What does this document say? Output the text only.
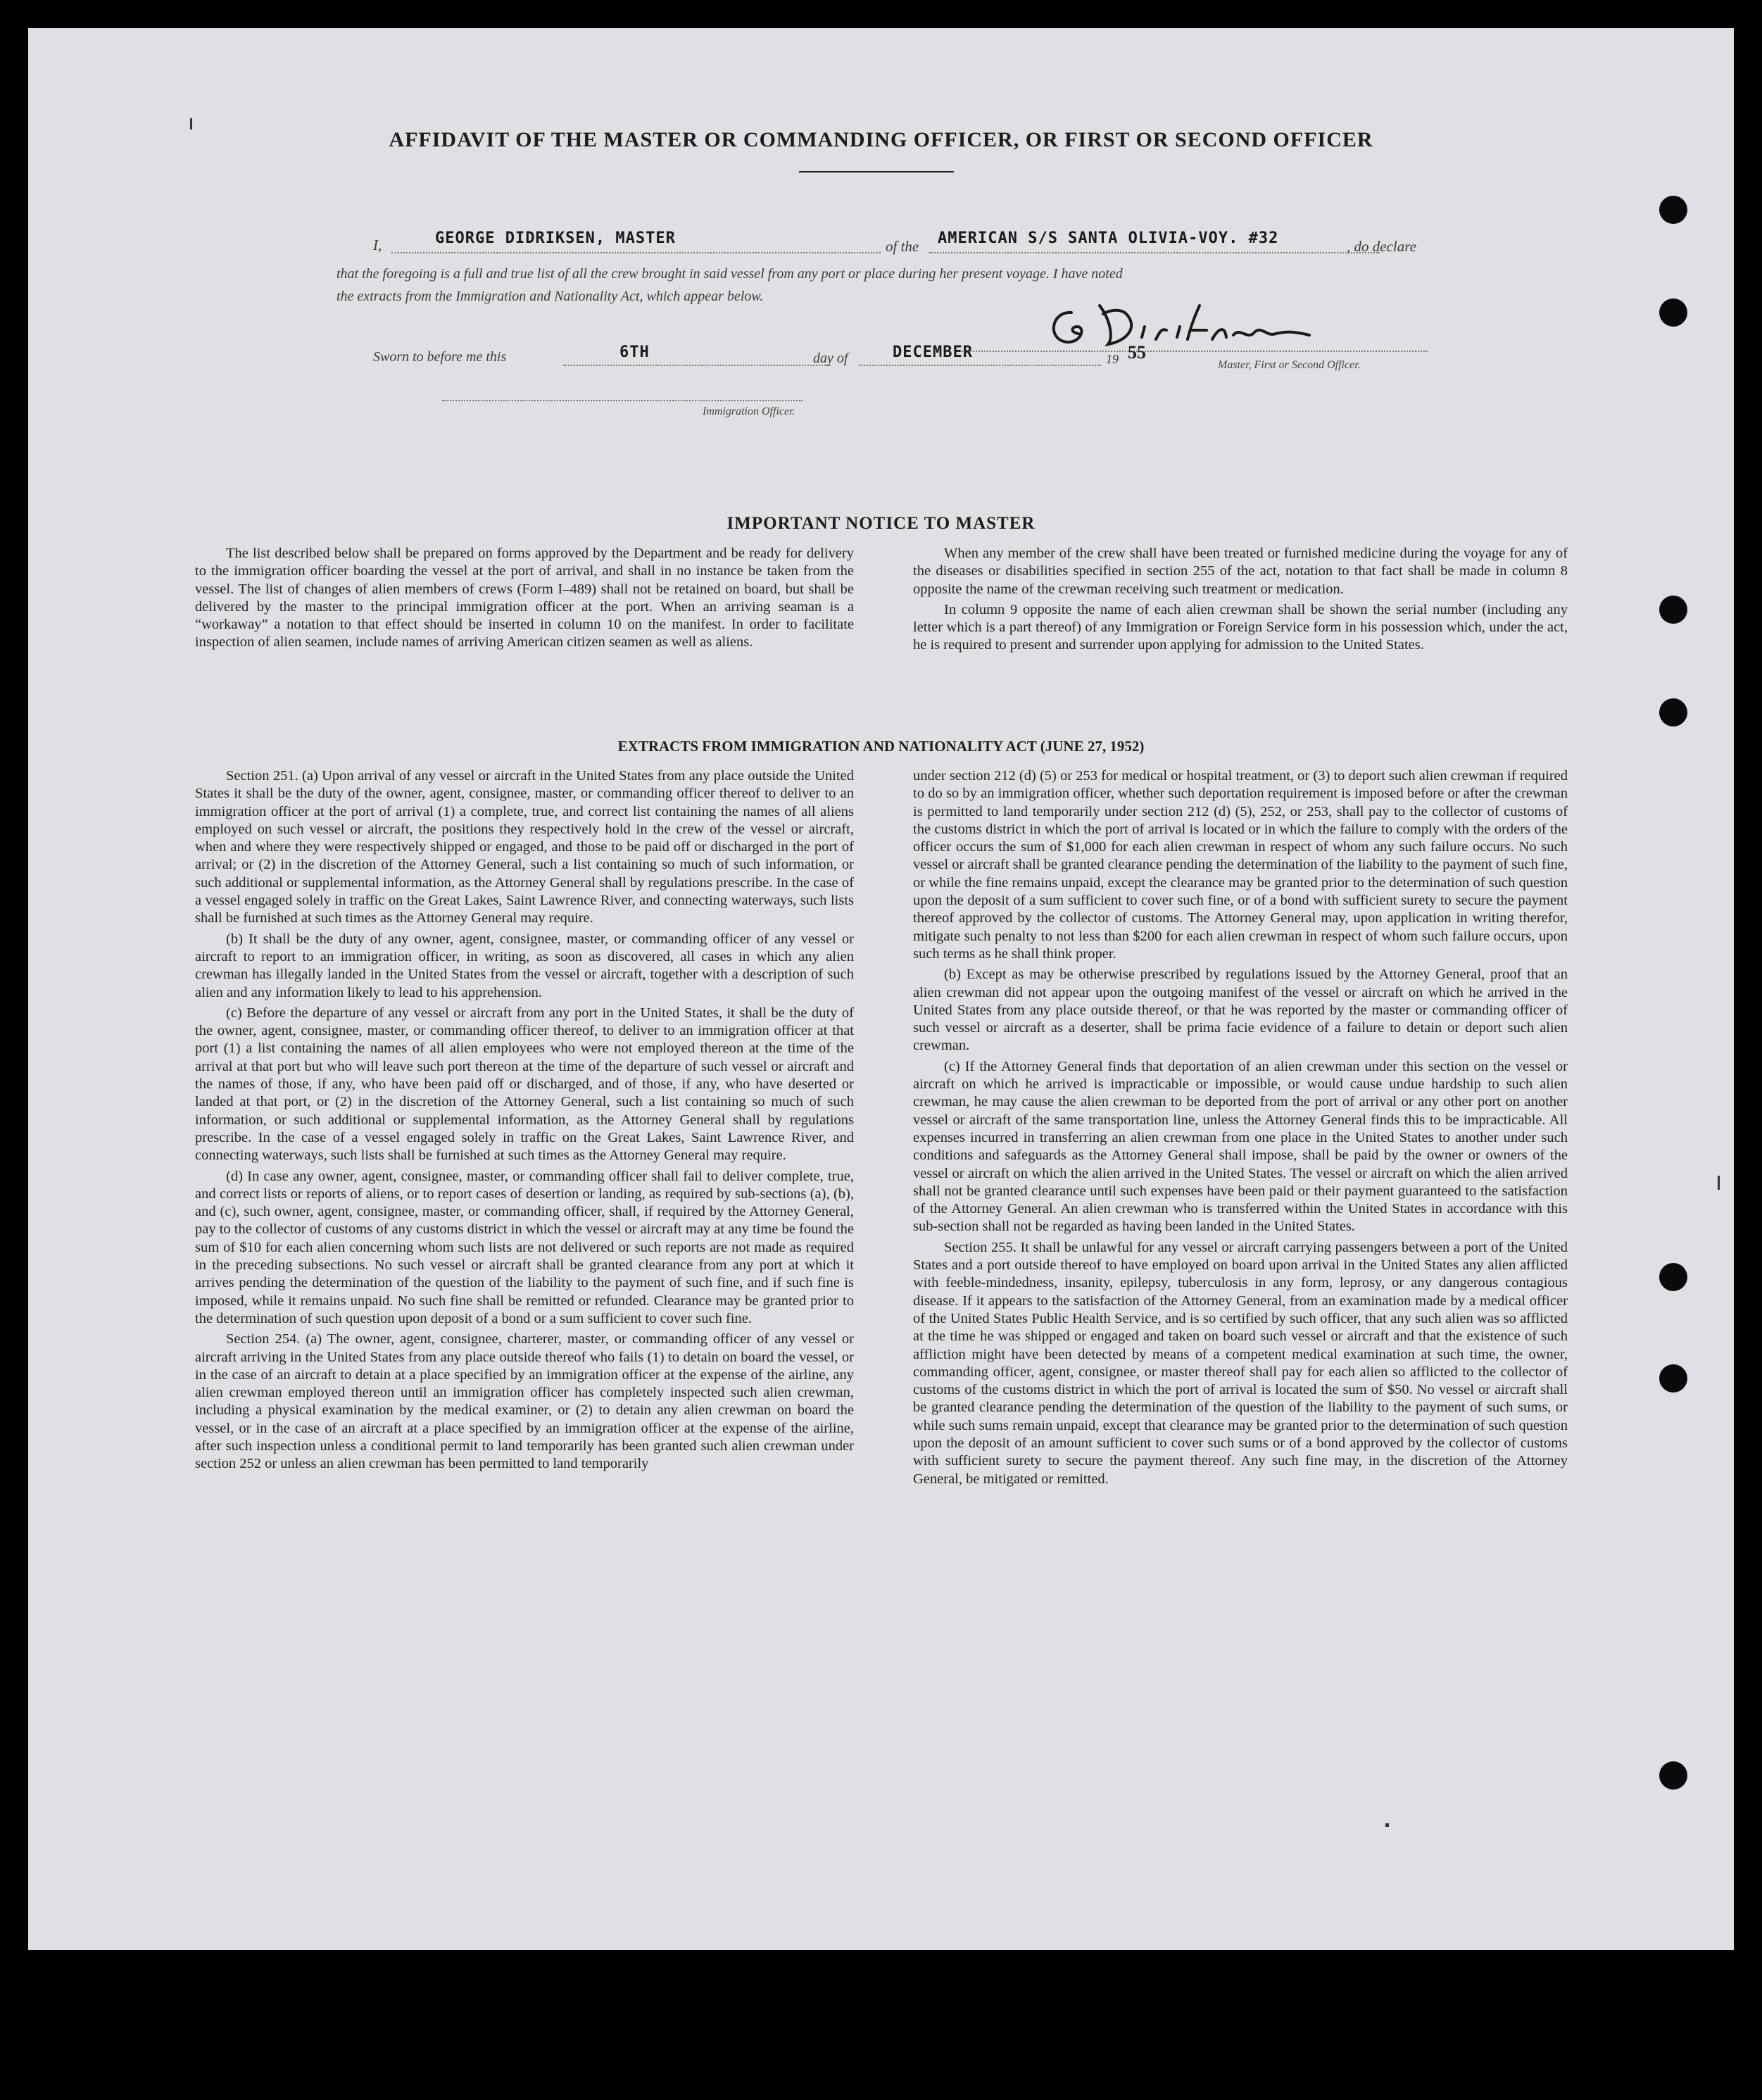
AFFIDAVIT OF THE MASTER OR COMMANDING OFFICER, OR FIRST OR SECOND OFFICER
I,	GEORGE DIDRIKSEN, MASTER	of the AMERICAN S/S SANTA OLIVIA-VOY. #32	, do declare
that the foregoing is a full and true list of all the crew brought in said vessel from any port or place during her present voyage. I have noted
the extracts from the Immigration and Nationality Act, which appear below.
Master, First or Second Officer.
Sworn to before me this	6TH	day of	DECEMBER	19 55
Immigration Officer.
IMPORTANT NOTICE TO MASTER

The list described below shall be prepared on forms approved by the Department and be ready for delivery to the immigration officer boarding the vessel at the port of arrival, and shall in no instance be taken from the vessel. The list of changes of alien members of crews (Form I–489) shall not be retained on board, but shall be delivered by the master to the principal immigration officer at the port. When an arriving seaman is a “workaway” a notation to that effect should be inserted in column 10 on the manifest. In order to facilitate inspection of alien seamen, include names of arriving American citizen seamen as well as aliens.

When any member of the crew shall have been treated or furnished medicine during the voyage for any of the diseases or disabilities specified in section 255 of the act, notation to that fact shall be made in column 8 opposite the name of the crewman receiving such treatment or medication.

In column 9 opposite the name of each alien crewman shall be shown the serial number (including any letter which is a part thereof) of any Immigration or Foreign Service form in his possession which, under the act, he is required to present and surrender upon applying for admission to the United States.

EXTRACTS FROM IMMIGRATION AND NATIONALITY ACT (JUNE 27, 1952)

Section 251. (a) Upon arrival of any vessel or aircraft in the United States from any place outside the United States it shall be the duty of the owner, agent, consignee, master, or commanding officer thereof to deliver to an immigration officer at the port of arrival (1) a complete, true, and correct list containing the names of all aliens employed on such vessel or aircraft, the positions they respectively hold in the crew of the vessel or aircraft, when and where they were respectively shipped or engaged, and those to be paid off or discharged in the port of arrival; or (2) in the discretion of the Attorney General, such a list containing so much of such information, or such additional or supplemental information, as the Attorney General shall by regulations prescribe. In the case of a vessel engaged solely in traffic on the Great Lakes, Saint Lawrence River, and connecting waterways, such lists shall be furnished at such times as the Attorney General may require.

(b) It shall be the duty of any owner, agent, consignee, master, or commanding officer of any vessel or aircraft to report to an immigration officer, in writing, as soon as discovered, all cases in which any alien crewman has illegally landed in the United States from the vessel or aircraft, together with a description of such alien and any information likely to lead to his apprehension.

(c) Before the departure of any vessel or aircraft from any port in the United States, it shall be the duty of the owner, agent, consignee, master, or commanding officer thereof, to deliver to an immigration officer at that port (1) a list containing the names of all alien employees who were not employed thereon at the time of the arrival at that port but who will leave such port thereon at the time of the departure of such vessel or aircraft and the names of those, if any, who have been paid off or discharged, and of those, if any, who have deserted or landed at that port, or (2) in the discretion of the Attorney General, such a list containing so much of such information, or such additional or supplemental information, as the Attorney General shall by regulations prescribe. In the case of a vessel engaged solely in traffic on the Great Lakes, Saint Lawrence River, and connecting waterways, such lists shall be furnished at such times as the Attorney General may require.

(d) In case any owner, agent, consignee, master, or commanding officer shall fail to deliver complete, true, and correct lists or reports of aliens, or to report cases of desertion or landing, as required by sub-sections (a), (b), and (c), such owner, agent, consignee, master, or commanding officer, shall, if required by the Attorney General, pay to the collector of customs of any customs district in which the vessel or aircraft may at any time be found the sum of $10 for each alien concerning whom such lists are not delivered or such reports are not made as required in the preceding subsections. No such vessel or aircraft shall be granted clearance from any port at which it arrives pending the determination of the question of the liability to the payment of such fine, and if such fine is imposed, while it remains unpaid. No such fine shall be remitted or refunded. Clearance may be granted prior to the determination of such question upon deposit of a bond or a sum sufficient to cover such fine.

Section 254. (a) The owner, agent, consignee, charterer, master, or commanding officer of any vessel or aircraft arriving in the United States from any place outside thereof who fails (1) to detain on board the vessel, or in the case of an aircraft to detain at a place specified by an immigration officer at the expense of the airline, any alien crewman employed thereon until an immigration officer has completely inspected such alien crewman, including a physical examination by the medical examiner, or (2) to detain any alien crewman on board the vessel, or in the case of an aircraft at a place specified by an immigration officer at the expense of the airline, after such inspection unless a conditional permit to land temporarily has been granted such alien crewman under section 252 or unless an alien crewman has been permitted to land temporarily

under section 212 (d) (5) or 253 for medical or hospital treatment, or (3) to deport such alien crewman if required to do so by an immigration officer, whether such deportation requirement is imposed before or after the crewman is permitted to land temporarily under section 212 (d) (5), 252, or 253, shall pay to the collector of customs of the customs district in which the port of arrival is located or in which the failure to comply with the orders of the officer occurs the sum of $1,000 for each alien crewman in respect of whom any such failure occurs. No such vessel or aircraft shall be granted clearance pending the determination of the liability to the payment of such fine, or while the fine remains unpaid, except the clearance may be granted prior to the determination of such question upon the deposit of a sum sufficient to cover such fine, or of a bond with sufficient surety to secure the payment thereof approved by the collector of customs. The Attorney General may, upon application in writing therefor, mitigate such penalty to not less than $200 for each alien crewman in respect of whom such failure occurs, upon such terms as he shall think proper.

(b) Except as may be otherwise prescribed by regulations issued by the Attorney General, proof that an alien crewman did not appear upon the outgoing manifest of the vessel or aircraft on which he arrived in the United States from any place outside thereof, or that he was reported by the master or commanding officer of such vessel or aircraft as a deserter, shall be prima facie evidence of a failure to detain or deport such alien crewman.

(c) If the Attorney General finds that deportation of an alien crewman under this section on the vessel or aircraft on which he arrived is impracticable or impossible, or would cause undue hardship to such alien crewman, he may cause the alien crewman to be deported from the port of arrival or any other port on another vessel or aircraft of the same transportation line, unless the Attorney General finds this to be impracticable. All expenses incurred in transferring an alien crewman from one place in the United States to another under such conditions and safeguards as the Attorney General shall impose, shall be paid by the owner or owners of the vessel or aircraft on which the alien arrived in the United States. The vessel or aircraft on which the alien arrived shall not be granted clearance until such expenses have been paid or their payment guaranteed to the satisfaction of the Attorney General. An alien crewman who is transferred within the United States in accordance with this sub-section shall not be regarded as having been landed in the United States.

Section 255. It shall be unlawful for any vessel or aircraft carrying passengers between a port of the United States and a port outside thereof to have employed on board upon arrival in the United States any alien afflicted with feeble-mindedness, insanity, epilepsy, tuberculosis in any form, leprosy, or any dangerous contagious disease. If it appears to the satisfaction of the Attorney General, from an examination made by a medical officer of the United States Public Health Service, and is so certified by such officer, that any such alien was so afflicted at the time he was shipped or engaged and taken on board such vessel or aircraft and that the existence of such affliction might have been detected by means of a competent medical examination at such time, the owner, commanding officer, agent, consignee, or master thereof shall pay for each alien so afflicted to the collector of customs of the customs district in which the port of arrival is located the sum of $50. No vessel or aircraft shall be granted clearance pending the determination of the question of the liability to the payment of such sums, or while such sums remain unpaid, except that clearance may be granted prior to the determination of such question upon the deposit of an amount sufficient to cover such sums or of a bond approved by the collector of customs with sufficient surety to secure the payment thereof. Any such fine may, in the discretion of the Attorney General, be mitigated or remitted.
